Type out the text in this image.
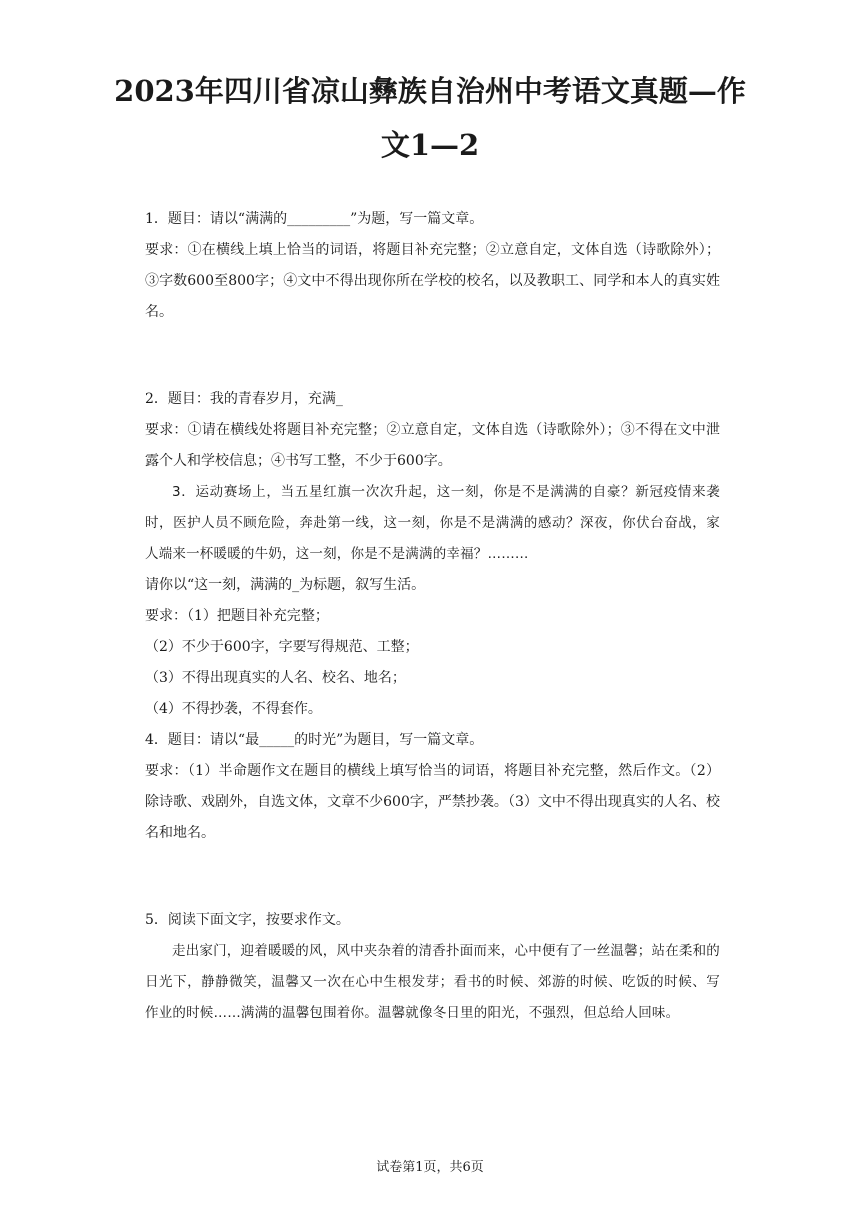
2023年四川省凉山彝族自治州中考语文真题—作
文1—2

1．题目：请以“满满的_________”为题，写一篇文章。

要求：①在横线上填上恰当的词语，将题目补充完整；②立意自定，文体自选（诗歌除外）；③字数600至800字；④文中不得出现你所在学校的校名，以及教职工、同学和本人的真实姓名。

2．题目：我的青春岁月，充满_

要求：①请在横线处将题目补充完整；②立意自定，文体自选（诗歌除外）；③不得在文中泄露个人和学校信息；④书写工整，不少于600字。

3．运动赛场上，当五星红旗一次次升起，这一刻，你是不是满满的自豪？新冠疫情来袭时，医护人员不顾危险，奔赴第一线，这一刻，你是不是满满的感动？深夜，你伏台奋战，家人端来一杯暖暖的牛奶，这一刻，你是不是满满的幸福？………

请你以“这一刻，满满的_为标题，叙写生活。

要求：（1）把题目补充完整；

（2）不少于600字，字要写得规范、工整；

（3）不得出现真实的人名、校名、地名；

（4）不得抄袭，不得套作。

4．题目：请以“最_____的时光”为题目，写一篇文章。

要求：（1）半命题作文在题目的横线上填写恰当的词语，将题目补充完整，然后作文。（2）除诗歌、戏剧外，自选文体，文章不少600字，严禁抄袭。（3）文中不得出现真实的人名、校名和地名。

5．阅读下面文字，按要求作文。

走出家门，迎着暖暖的风，风中夹杂着的清香扑面而来，心中便有了一丝温馨；站在柔和的日光下，静静微笑，温馨又一次在心中生根发芽；看书的时候、郊游的时候、吃饭的时候、写作业的时候……满满的温馨包围着你。温馨就像冬日里的阳光，不强烈，但总给人回味。

试卷第1页，共6页
